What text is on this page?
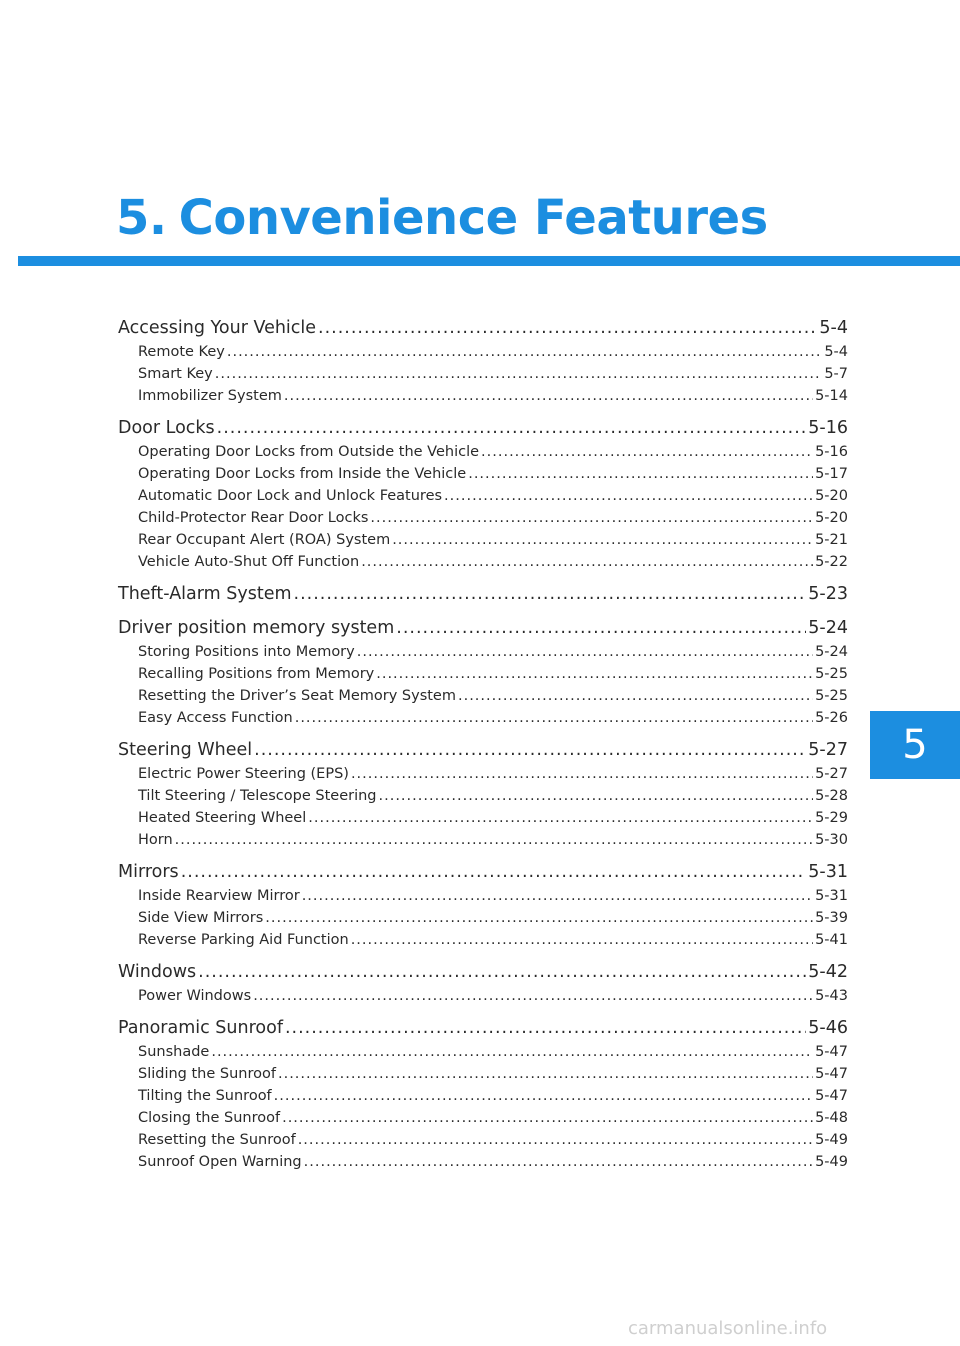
5. Convenience Features
Accessing Your Vehicle .....	5-4
Remote Key .....	5-4
Smart Key .....	5-7
Immobilizer System .....	5-14
Door Locks .....	5-16
Operating Door Locks from Outside the Vehicle .....	5-16
Operating Door Locks from Inside the Vehicle .....	5-17
Automatic Door Lock and Unlock Features .....	5-20
Child-Protector Rear Door Locks .....	5-20
Rear Occupant Alert (ROA) System .....	5-21
Vehicle Auto-Shut Off Function .....	5-22
Theft-Alarm System .....	5-23
Driver position memory system .....	5-24
Storing Positions into Memory .....	5-24
Recalling Positions from Memory .....	5-25
Resetting the Driver’s Seat Memory System .....	5-25
Easy Access Function .....	5-26
Steering Wheel .....	5-27
Electric Power Steering (EPS) .....	5-27
Tilt Steering / Telescope Steering .....	5-28
Heated Steering Wheel .....	5-29
Horn .....	5-30
Mirrors .....	5-31
Inside Rearview Mirror .....	5-31
Side View Mirrors .....	5-39
Reverse Parking Aid Function .....	5-41
Windows .....	5-42
Power Windows .....	5-43
Panoramic Sunroof .....	5-46
Sunshade .....	5-47
Sliding the Sunroof .....	5-47
Tilting the Sunroof .....	5-47
Closing the Sunroof .....	5-48
Resetting the Sunroof .....	5-49
Sunroof Open Warning .....	5-49
5
carmanualsonline.info
